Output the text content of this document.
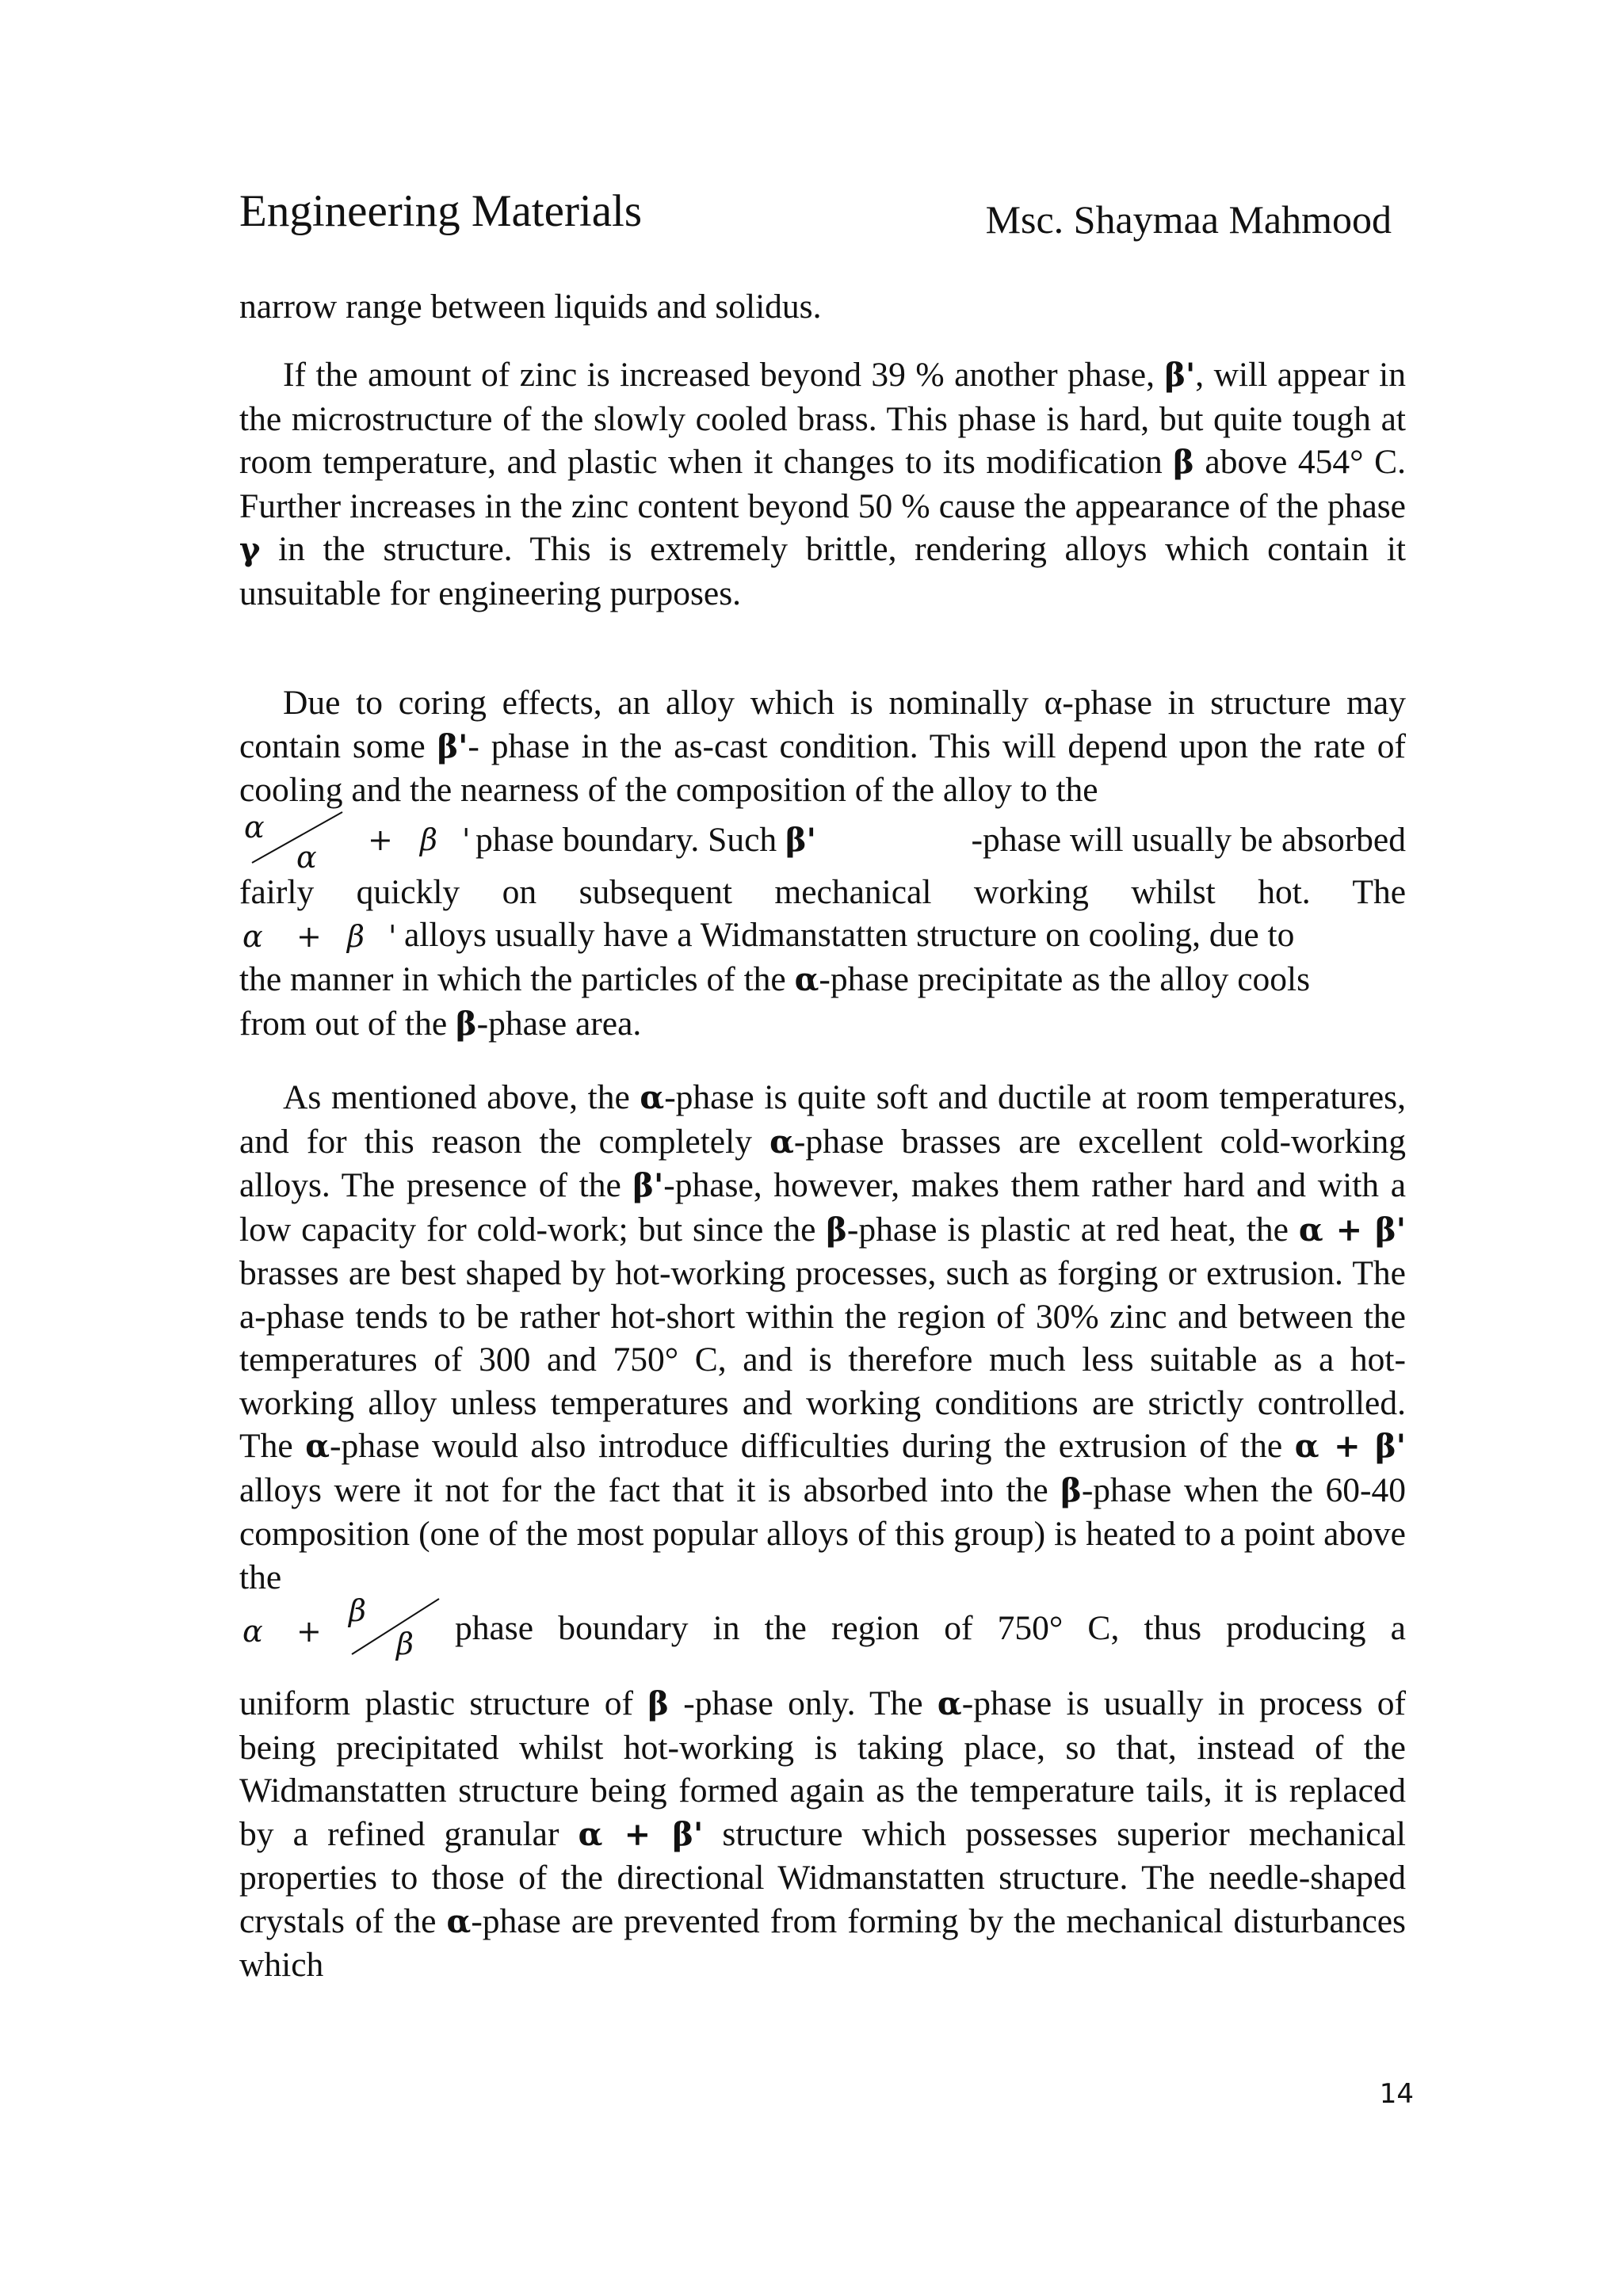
Engineering Materials	Msc. Shaymaa Mahmood

narrow range between liquids and solidus.

If the amount of zinc is increased beyond 39 % another phase, β', will appear in the microstructure of the slowly cooled brass. This phase is hard, but quite tough at room temperature, and plastic when it changes to its modification β above 454° C. Further increases in the zinc content beyond 50 % cause the appearance of the phase γ in the structure. This is extremely brittle, rendering alloys which contain it unsuitable for engineering purposes.

Due to coring effects, an alloy which is nominally α-phase in structure may contain some β'- phase in the as-cast condition. This will depend upon the rate of cooling and the nearness of the composition of the alloy to the

α
α + β ' phase boundary. Such β'	-phase will usually be absorbed

fairly quickly on subsequent mechanical working whilst hot. The

α + β ' alloys usually have a Widmanstatten structure on cooling, due to

the manner in which the particles of the α-phase precipitate as the alloy cools

from out of the β-phase area.

As mentioned above, the α-phase is quite soft and ductile at room temperatures, and for this reason the completely α-phase brasses are excellent cold-working alloys. The presence of the β'-phase, however, makes them rather hard and with a low capacity for cold-work; but since the β-phase is plastic at red heat, the α + β' brasses are best shaped by hot-working processes, such as forging or extrusion. The a-phase tends to be rather hot-short within the region of 30% zinc and between the temperatures of 300 and 750° C, and is therefore much less suitable as a hot-working alloy unless temperatures and working conditions are strictly controlled. The α-phase would also introduce difficulties during the extrusion of the α + β' alloys were it not for the fact that it is absorbed into the β-phase when the 60-40 composition (one of the most popular alloys of this group) is heated to a point above the

α +
β
β phase boundary in the region of 750° C, thus producing a

uniform plastic structure of β -phase only. The α-phase is usually in process of being precipitated whilst hot-working is taking place, so that, instead of the Widmanstatten structure being formed again as the temperature tails, it is replaced by a refined granular α + β' structure which possesses superior mechanical properties to those of the directional Widmanstatten structure. The needle-shaped crystals of the α-phase are prevented from forming by the mechanical disturbances which

14
